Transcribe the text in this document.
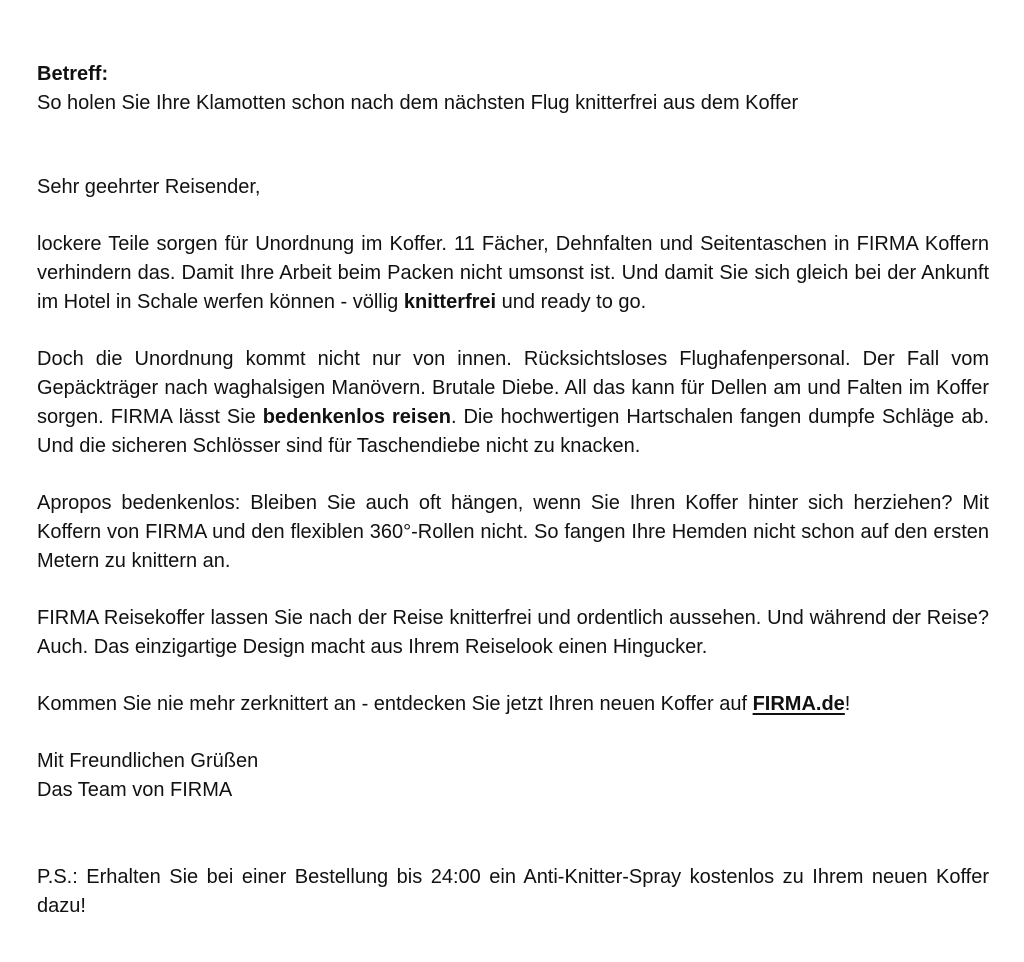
Betreff:

So holen Sie Ihre Klamotten schon nach dem nächsten Flug knitterfrei aus dem Koffer

Sehr geehrter Reisender,

lockere Teile sorgen für Unordnung im Koffer. 11 Fächer, Dehnfalten und Seitentaschen in FIRMA Koffern verhindern das. Damit Ihre Arbeit beim Packen nicht umsonst ist. Und damit Sie sich gleich bei der Ankunft im Hotel in Schale werfen können - völlig knitterfrei und ready to go.

Doch die Unordnung kommt nicht nur von innen. Rücksichtsloses Flughafenpersonal. Der Fall vom Gepäckträger nach waghalsigen Manövern. Brutale Diebe. All das kann für Dellen am und Falten im Koffer sorgen. FIRMA lässt Sie bedenkenlos reisen. Die hochwertigen Hartschalen fangen dumpfe Schläge ab. Und die sicheren Schlösser sind für Taschendiebe nicht zu knacken.

Apropos bedenkenlos: Bleiben Sie auch oft hängen, wenn Sie Ihren Koffer hinter sich herziehen? Mit Koffern von FIRMA und den flexiblen 360°-Rollen nicht. So fangen Ihre Hemden nicht schon auf den ersten Metern zu knittern an.

FIRMA Reisekoffer lassen Sie nach der Reise knitterfrei und ordentlich aussehen. Und während der Reise? Auch. Das einzigartige Design macht aus Ihrem Reiselook einen Hingucker.

Kommen Sie nie mehr zerknittert an - entdecken Sie jetzt Ihren neuen Koffer auf FIRMA.de!

Mit Freundlichen Grüßen

Das Team von FIRMA

P.S.: Erhalten Sie bei einer Bestellung bis 24:00 ein Anti-Knitter-Spray kostenlos zu Ihrem neuen Koffer dazu!
